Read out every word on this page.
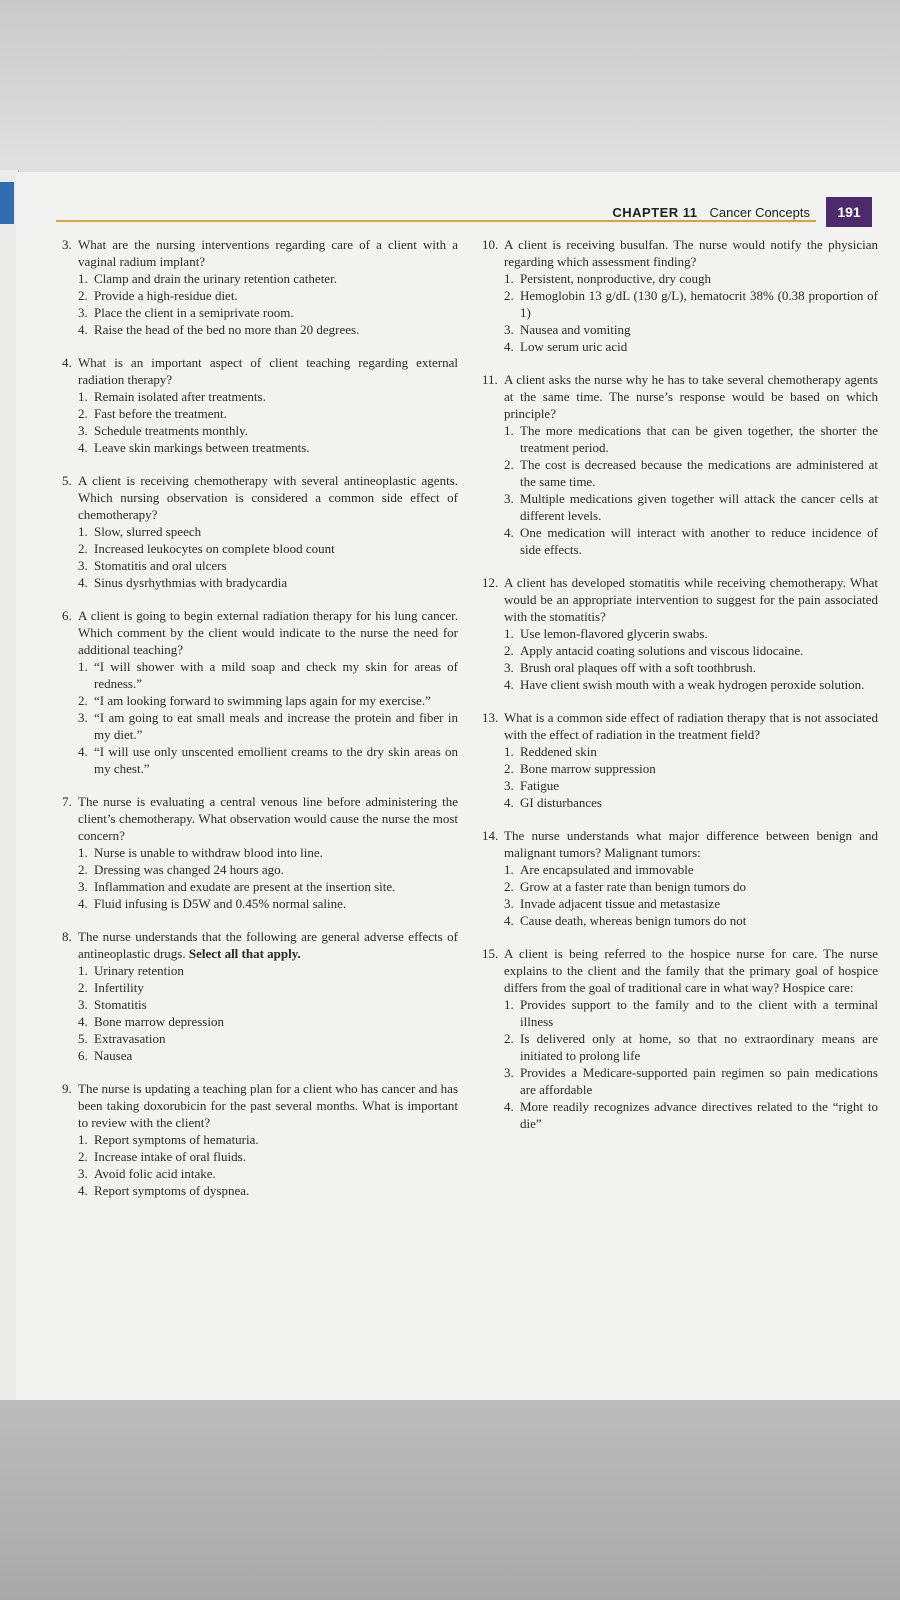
CHAPTER 11 Cancer Concepts	191
3. What are the nursing interventions regarding care of a client with a vaginal radium implant?
1. Clamp and drain the urinary retention catheter.
2. Provide a high-residue diet.
3. Place the client in a semiprivate room.
4. Raise the head of the bed no more than 20 degrees.
4. What is an important aspect of client teaching regarding external radiation therapy?
1. Remain isolated after treatments.
2. Fast before the treatment.
3. Schedule treatments monthly.
4. Leave skin markings between treatments.
5. A client is receiving chemotherapy with several antineoplastic agents. Which nursing observation is considered a common side effect of chemotherapy?
1. Slow, slurred speech
2. Increased leukocytes on complete blood count
3. Stomatitis and oral ulcers
4. Sinus dysrhythmias with bradycardia
6. A client is going to begin external radiation therapy for his lung cancer. Which comment by the client would indicate to the nurse the need for additional teaching?
1. “I will shower with a mild soap and check my skin for areas of redness.”
2. “I am looking forward to swimming laps again for my exercise.”
3. “I am going to eat small meals and increase the protein and fiber in my diet.”
4. “I will use only unscented emollient creams to the dry skin areas on my chest.”
7. The nurse is evaluating a central venous line before administering the client’s chemotherapy. What observation would cause the nurse the most concern?
1. Nurse is unable to withdraw blood into line.
2. Dressing was changed 24 hours ago.
3. Inflammation and exudate are present at the insertion site.
4. Fluid infusing is D5W and 0.45% normal saline.
8. The nurse understands that the following are general adverse effects of antineoplastic drugs. Select all that apply.
1. Urinary retention
2. Infertility
3. Stomatitis
4. Bone marrow depression
5. Extravasation
6. Nausea
9. The nurse is updating a teaching plan for a client who has cancer and has been taking doxorubicin for the past several months. What is important to review with the client?
1. Report symptoms of hematuria.
2. Increase intake of oral fluids.
3. Avoid folic acid intake.
4. Report symptoms of dyspnea.
10. A client is receiving busulfan. The nurse would notify the physician regarding which assessment finding?
1. Persistent, nonproductive, dry cough
2. Hemoglobin 13 g/dL (130 g/L), hematocrit 38% (0.38 proportion of 1)
3. Nausea and vomiting
4. Low serum uric acid
11. A client asks the nurse why he has to take several chemotherapy agents at the same time. The nurse’s response would be based on which principle?
1. The more medications that can be given together, the shorter the treatment period.
2. The cost is decreased because the medications are administered at the same time.
3. Multiple medications given together will attack the cancer cells at different levels.
4. One medication will interact with another to reduce incidence of side effects.
12. A client has developed stomatitis while receiving chemotherapy. What would be an appropriate intervention to suggest for the pain associated with the stomatitis?
1. Use lemon-flavored glycerin swabs.
2. Apply antacid coating solutions and viscous lidocaine.
3. Brush oral plaques off with a soft toothbrush.
4. Have client swish mouth with a weak hydrogen peroxide solution.
13. What is a common side effect of radiation therapy that is not associated with the effect of radiation in the treatment field?
1. Reddened skin
2. Bone marrow suppression
3. Fatigue
4. GI disturbances
14. The nurse understands what major difference between benign and malignant tumors? Malignant tumors:
1. Are encapsulated and immovable
2. Grow at a faster rate than benign tumors do
3. Invade adjacent tissue and metastasize
4. Cause death, whereas benign tumors do not
15. A client is being referred to the hospice nurse for care. The nurse explains to the client and the family that the primary goal of hospice differs from the goal of traditional care in what way? Hospice care:
1. Provides support to the family and to the client with a terminal illness
2. Is delivered only at home, so that no extraordinary means are initiated to prolong life
3. Provides a Medicare-supported pain regimen so pain medications are affordable
4. More readily recognizes advance directives related to the “right to die”
